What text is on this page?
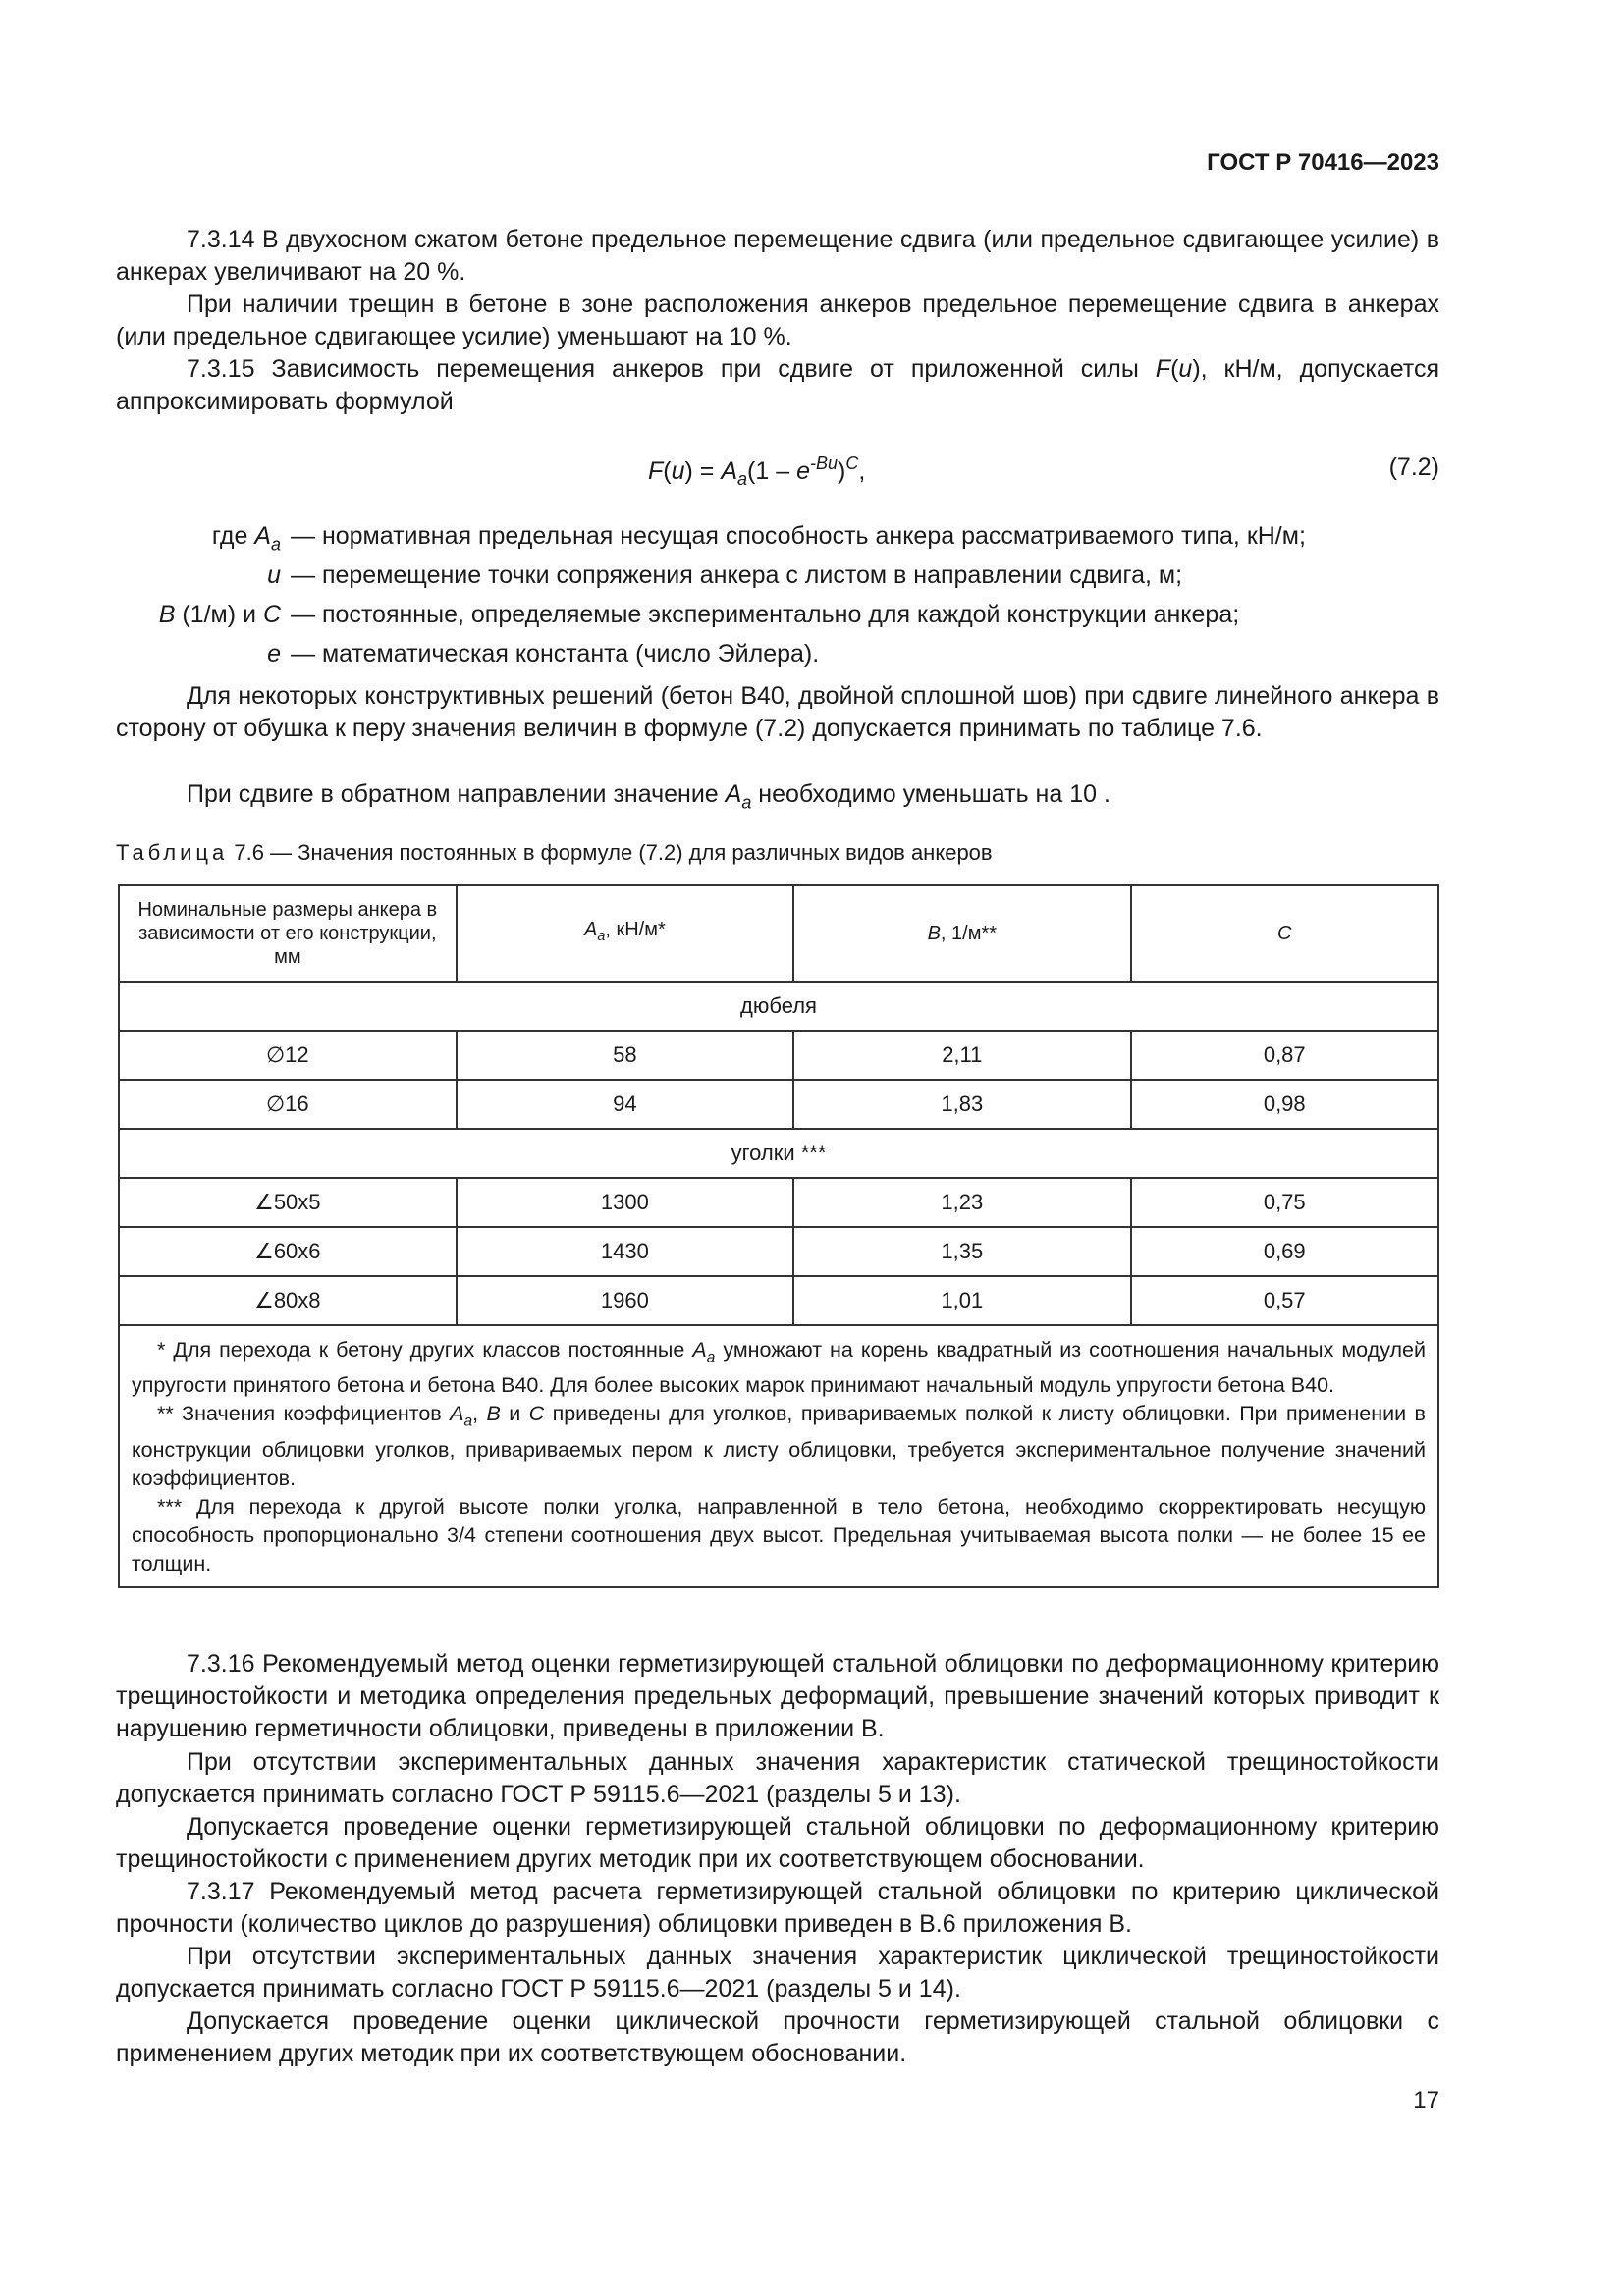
ГОСТ Р 70416—2023

7.3.14 В двухосном сжатом бетоне предельное перемещение сдвига (или предельное сдвигающее усилие) в анкерах увеличивают на 20 %.

При наличии трещин в бетоне в зоне расположения анкеров предельное перемещение сдвига в анкерах (или предельное сдвигающее усилие) уменьшают на 10 %.

7.3.15 Зависимость перемещения анкеров при сдвиге от приложенной силы F(u), кН/м, допускается аппроксимировать формулой

$F(u) = A_a(1 - e^{-Bu})^C$,	(7.2)
где $A_a$ — нормативная предельная несущая способность анкера рассматриваемого типа, кН/м;
u — перемещение точки сопряжения анкера с листом в направлении сдвига, м;
B (1/м) и C — постоянные, определяемые экспериментально для каждой конструкции анкера;
e — математическая константа (число Эйлера).

Для некоторых конструктивных решений (бетон В40, двойной сплошной шов) при сдвиге линейного анкера в сторону от обушка к перу значения величин в формуле (7.2) допускается принимать по таблице 7.6.

При сдвиге в обратном направлении значение $A_a$ необходимо уменьшать на 10 .

Таблица 7.6 — Значения постоянных в формуле (7.2) для различных видов анкеров
Номинальные размеры анкера в зависимости от его конструкции, мм	$A_a$, кН/м*	B, 1/м**	C
дюбеля			
∅12	58	2,11	0,87
∅16	94	1,83	0,98
уголки ***			
∠50x5	1300	1,23	0,75
∠60x6	1430	1,35	0,69
∠80x8	1960	1,01	0,57

* Для перехода к бетону других классов постоянные $A_a$ умножают на корень квадратный из соотношения начальных модулей упругости принятого бетона и бетона В40. Для более высоких марок принимают начальный модуль упругости бетона В40.

** Значения коэффициентов $A_a$, B и C приведены для уголков, привариваемых полкой к листу облицовки. При применении в конструкции облицовки уголков, привариваемых пером к листу облицовки, требуется экспериментальное получение значений коэффициентов.

*** Для перехода к другой высоте полки уголка, направленной в тело бетона, необходимо скорректировать несущую способность пропорционально 3/4 степени соотношения двух высот. Предельная учитываемая высота полки — не более 15 ее толщин.			

7.3.16 Рекомендуемый метод оценки герметизирующей стальной облицовки по деформационному критерию трещиностойкости и методика определения предельных деформаций, превышение значений которых приводит к нарушению герметичности облицовки, приведены в приложении В.

При отсутствии экспериментальных данных значения характеристик статической трещиностойкости допускается принимать согласно ГОСТ Р 59115.6—2021 (разделы 5 и 13).

Допускается проведение оценки герметизирующей стальной облицовки по деформационному критерию трещиностойкости с применением других методик при их соответствующем обосновании.

7.3.17 Рекомендуемый метод расчета герметизирующей стальной облицовки по критерию циклической прочности (количество циклов до разрушения) облицовки приведен в В.6 приложения В.

При отсутствии экспериментальных данных значения характеристик циклической трещиностойкости допускается принимать согласно ГОСТ Р 59115.6—2021 (разделы 5 и 14).

Допускается проведение оценки циклической прочности герметизирующей стальной облицовки с применением других методик при их соответствующем обосновании.

17
